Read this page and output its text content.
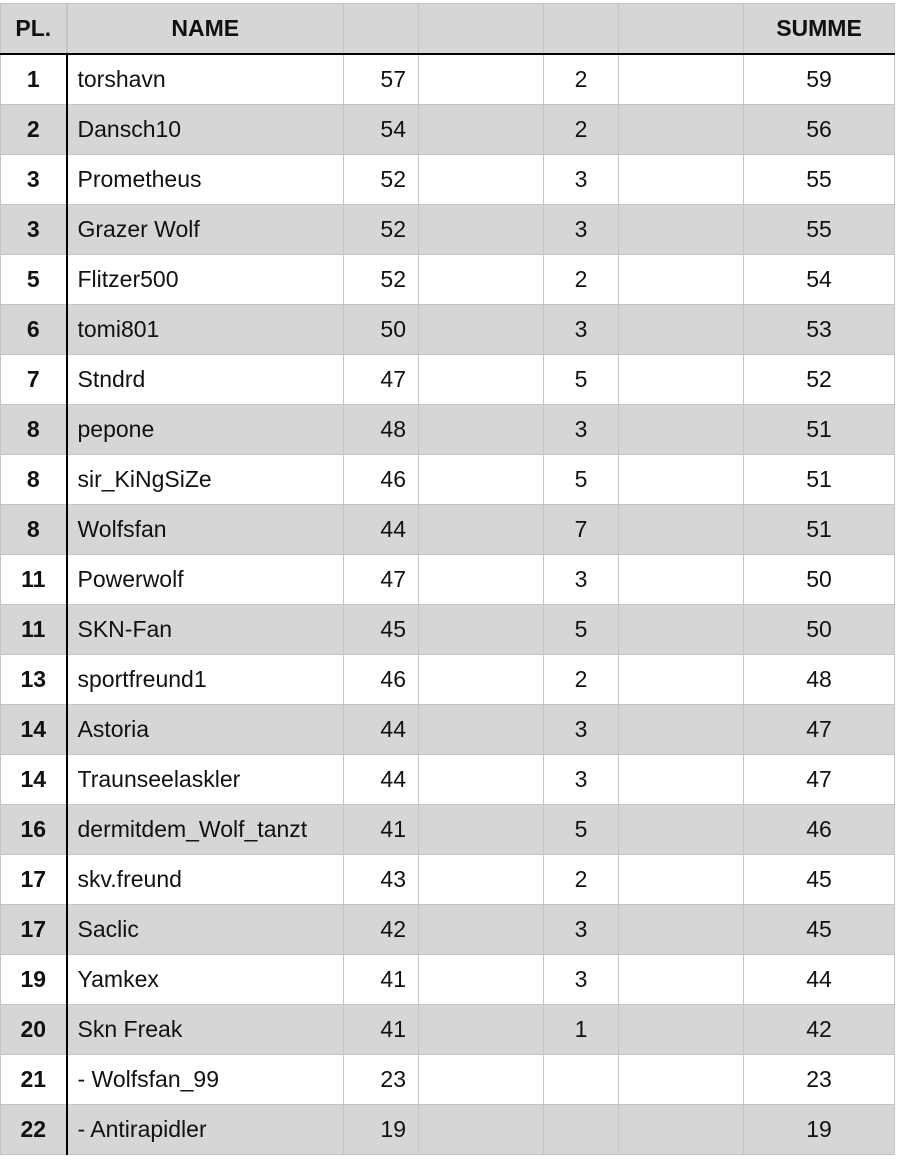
PL.	NAME					SUMME
1	torshavn	57		2		59
2	Dansch10	54		2		56
3	Prometheus	52		3		55
3	Grazer Wolf	52		3		55
5	Flitzer500	52		2		54
6	tomi801	50		3		53
7	Stndrd	47		5		52
8	pepone	48		3		51
8	sir_KiNgSiZe	46		5		51
8	Wolfsfan	44		7		51
11	Powerwolf	47		3		50
11	SKN-Fan	45		5		50
13	sportfreund1	46		2		48
14	Astoria	44		3		47
14	Traunseelaskler	44		3		47
16	dermitdem_Wolf_tanzt	41		5		46
17	skv.freund	43		2		45
17	Saclic	42		3		45
19	Yamkex	41		3		44
20	Skn Freak	41		1		42
21	- Wolfsfan_99	23				23
22	- Antirapidler	19				19
